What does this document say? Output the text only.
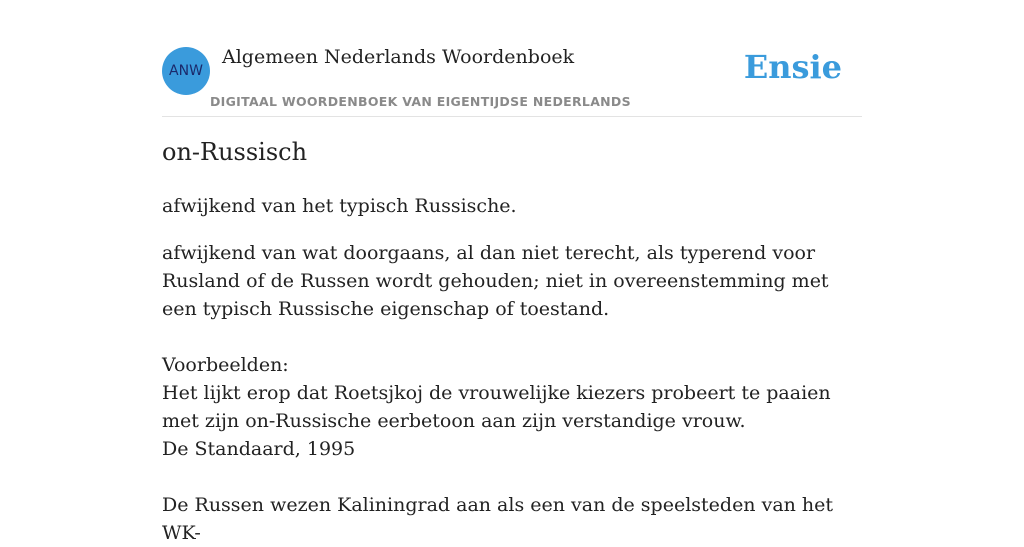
ANW
Algemeen Nederlands Woordenboek
DIGITAAL WOORDENBOEK VAN EIGENTIJDSE NEDERLANDS
Ensie
on-Russisch

afwijkend van het typisch Russische.

afwijkend van wat doorgaans, al dan niet terecht, als typerend voor Rusland of de Russen wordt gehouden; niet in overeenstemming met een typisch Russische eigenschap of toestand.
Voorbeelden:
Het lijkt erop dat Roetsjkoj de vrouwelijke kiezers probeert te paaien met zijn on-Russische eerbetoon aan zijn verstandige vrouw.
De Standaard, 1995
De Russen wezen Kaliningrad aan als een van de speelsteden van het WK-
